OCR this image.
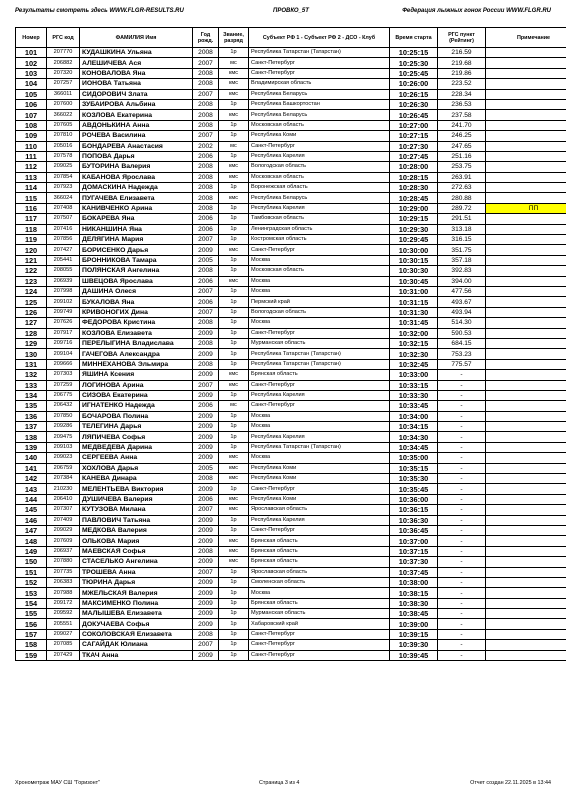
Результаты смотреть здесь WWW.FLGR-RESULTS.RU	ПРОВКО_5Т	Федерация лыжных гонок России WWW.FLGR.RU
Номер	РГС код	ФАМИЛИЯ Имя	Год рожд.	Звание, разряд	Субъект РФ 1 - Субъект РФ 2 - ДСО - Клуб	Время старта	РГС пункт (Рейтинг)	Примечание
101	207770	КУДАШКИНА Ульяна	2008	1р	Республика Татарстан (Татарстан)	10:25:15	216.59	
102	206882	АЛЕШИЧЕВА Ася	2007	мс	Санкт-Петербург	10:25:30	219.68	
103	207320	КОНОВАЛОВА Яна	2008	кмс	Санкт-Петербург	10:25:45	219.86	
104	207257	ИОНОВА Татьяна	2008	кмс	Владимирская область	10:26:00	223.52	
105	366011	СИДОРОВИЧ Злата	2007	кмс	Республика Беларусь	10:26:15	228.34	
106	207600	ЗУБАИРОВА Альбина	2008	1р	Республика Башкортостан	10:26:30	236.53	
107	366022	КОЗЛОВА Екатерина	2008	кмс	Республика Беларусь	10:26:45	237.58	
108	207605	АВДОНЬКИНА Анна	2008	1р	Московская область	10:27:00	241.70	
109	207810	РОЧЕВА Василина	2007	1р	Республика Коми	10:27:15	246.25	
110	205016	БОНДАРЕВА Анастасия	2002	мс	Санкт-Петербург	10:27:30	247.65	
111	207578	ПОПОВА Дарья	2006	1р	Республика Карелия	10:27:45	251.16	
112	209025	БУТОРИНА Валерия	2008	кмс	Вологодская область	10:28:00	253.75	
113	207854	КАБАНОВА Ярослава	2008	кмс	Московская область	10:28:15	263.91	
114	207923	ДОМАСКИНА Надежда	2008	1р	Воронежская область	10:28:30	272.63	
115	366024	ПУГАЧЕВА Елизавета	2008	кмс	Республика Беларусь	10:28:45	280.88	
116	207408	КАНИВЧЕНКО Арина	2008	1р	Республика Карелия	10:29:00	289.72	ПП
117	207507	БОКАРЕВА Яна	2006	1р	Тамбовская область	10:29:15	291.51	
118	207416	НИКАНШИНА Яна	2006	1р	Ленинградская область	10:29:30	313.18	
119	207856	ДЕЛЯГИНА Мария	2007	1р	Костромская область	10:29:45	316.15	
120	207427	БОРИСЕНКО Дарья	2009	кмс	Санкт-Петербург	10:30:00	351.75	
121	205441	БРОННИКОВА Тамара	2005	1р	Москва	10:30:15	357.18	
122	208055	ПОЛЯНСКАЯ Ангелина	2008	1р	Московская область	10:30:30	392.83	
123	206939	ШВЕЦОВА Ярослава	2006	кмс	Москва	10:30:45	394.00	
124	207998	ДАШИНА Олеся	2007	1р	Москва	10:31:00	477.56	
125	209102	БУКАЛОВА Яна	2006	1р	Пермский край	10:31:15	493.67	
126	209749	КРИВОНОГИХ Дина	2007	1р	Вологодская область	10:31:30	493.94	
127	207626	ФЕДОРОВА Кристина	2008	1р	Москва	10:31:45	514.30	
128	207917	КОЗЛОВА Елизавета	2009	1р	Санкт-Петербург	10:32:00	590.53	
129	209716	ПЕРЕЛЫГИНА Владислава	2008	1р	Мурманская область	10:32:15	684.15	
130	209104	ГАЧЕГОВА Александра	2009	1р	Республика Татарстан (Татарстан)	10:32:30	753.23	
131	209666	МИННЕХАНОВА Эльмира	2008	1р	Республика Татарстан (Татарстан)	10:32:45	775.57	
132	207303	ЯШИНА Ксения	2009	кмс	Брянская область	10:33:00	-	
133	207259	ЛОГИНОВА Арина	2007	кмс	Санкт-Петербург	10:33:15	-	
134	206775	СИЗОВА Екатерина	2009	1р	Республика Карелия	10:33:30	-	
135	206432	ИГНАТЕНКО Надежда	2006	мс	Санкт-Петербург	10:33:45	-	
136	207850	БОЧАРОВА Полина	2009	1р	Москва	10:34:00	-	
137	209286	ТЕЛЕГИНА Дарья	2009	1р	Москва	10:34:15	-	
138	209475	ЛЯПИЧЕВА Софья	2009	1р	Республика Карелия	10:34:30	-	
139	209103	МЕДВЕДЕВА Дарина	2009	1р	Республика Татарстан (Татарстан)	10:34:45	-	
140	209023	СЕРГЕЕВА Анна	2009	кмс	Москва	10:35:00	-	
141	206759	ХОХЛОВА Дарья	2005	кмс	Республика Коми	10:35:15	-	
142	207384	КАНЕВА Динара	2008	кмс	Республика Коми	10:35:30	-	
143	210230	МЕЛЕНТЬЕВА Виктория	2009	1р	Санкт-Петербург	10:35:45	-	
144	206410	ДУШИЧЕВА Валерия	2006	кмс	Республика Коми	10:36:00	-	
145	207307	КУТУЗОВА Милана	2007	кмс	Ярославская область	10:36:15	-	
146	207409	ПАВЛОВИЧ Татьяна	2009	1р	Республика Карелия	10:36:30	-	
147	209029	МЕДКОВА Валерия	2009	1р	Санкт-Петербург	10:36:45	-	
148	207609	ОЛЬКОВА Мария	2009	кмс	Брянская область	10:37:00	-	
149	206937	МАЕВСКАЯ Софья	2008	кмс	Брянская область	10:37:15	-	
150	207880	СТАСЕЛЬКО Ангелина	2009	кмс	Брянская область	10:37:30	-	
151	207735	ТРОШЕВА Анна	2007	1р	Ярославская область	10:37:45	-	
152	206383	ТЮРИНА Дарья	2009	1р	Смоленская область	10:38:00	-	
153	207988	МЖЕЛЬСКАЯ Валерия	2009	1р	Москва	10:38:15	-	
154	209172	МАКСИМЕНКО Полина	2009	1р	Брянская область	10:38:30	-	
155	209592	МАЛЫШЕВА Елизавета	2009	1р	Мурманская область	10:38:45	-	
156	205551	ДОКУЧАЕВА Софья	2009	1р	Хабаровский край	10:39:00	-	
157	209027	СОКОЛОВСКАЯ Елизавета	2008	1р	Санкт-Петербург	10:39:15	-	
158	207085	САГАЙДАК Юлиана	2007	1р	Санкт-Петербург	10:39:30	-	
159	207429	ТКАЧ Анна	2009	1р	Санкт-Петербург	10:39:45	-	
Хронометраж МАУ СШ "Горизонт"	Страница 3 из 4	Отчет создан 22.11.2025 в 13:44
